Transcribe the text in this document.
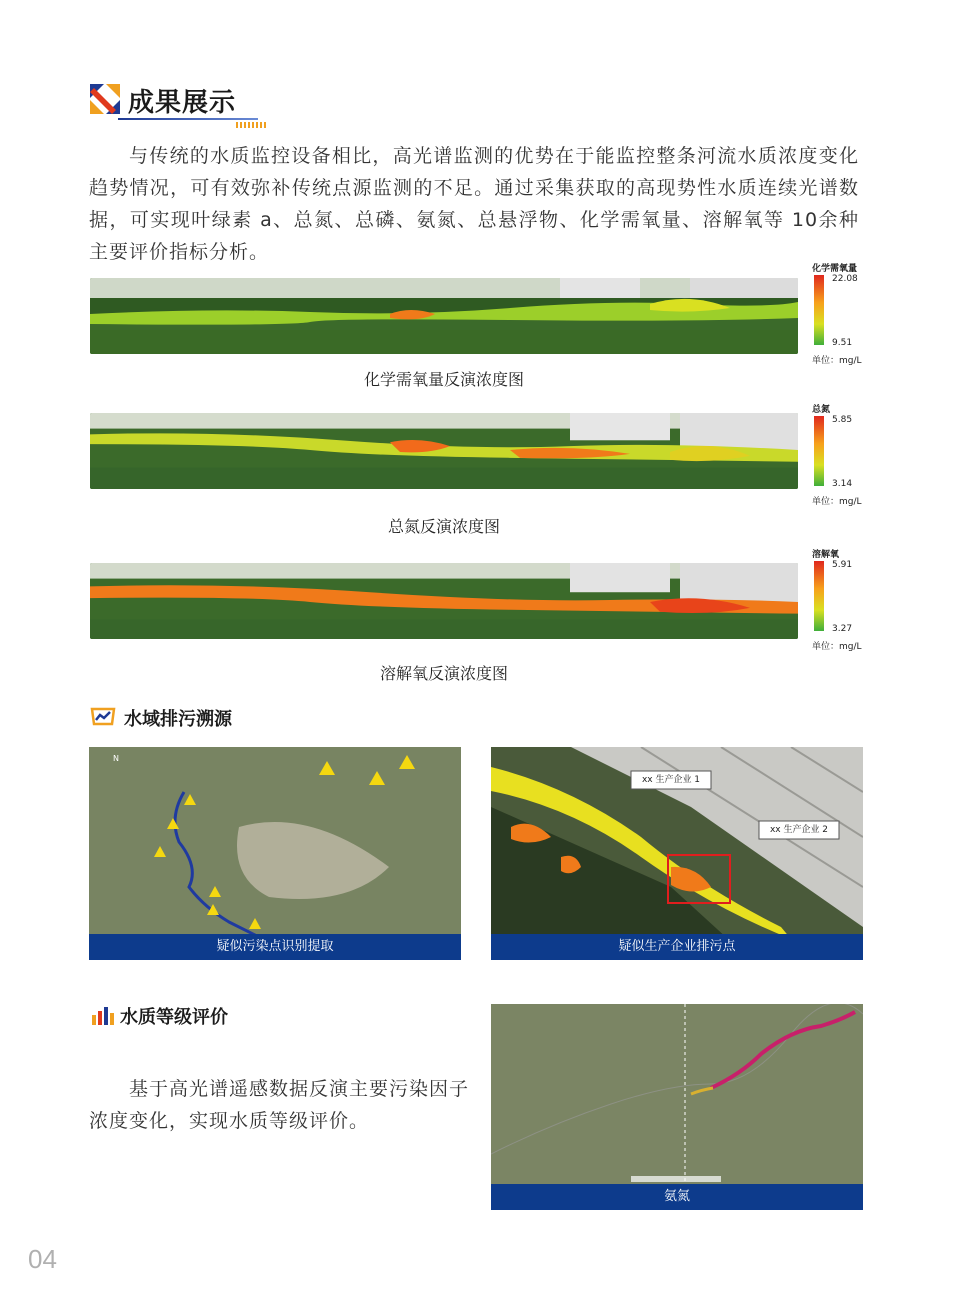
成果展示

与传统的水质监控设备相比，高光谱监测的优势在于能监控整条河流水质浓度变化趋势情况，可有效弥补传统点源监测的不足。通过采集获取的高现势性水质连续光谱数据，可实现叶绿素 a、总氮、总磷、氨氮、总悬浮物、化学需氧量、溶解氧等 10余种主要评价指标分析。

化学需氧量反演浓度图
化学需氧量
22.08
9.51
单位：mg/L
总氮反演浓度图
总氮
5.85
3.14
单位：mg/L
溶解氧反演浓度图
溶解氧
5.91
3.27
单位：mg/L
水域排污溯源
N
疑似污染点识别提取
xx 生产企业 1
xx 生产企业 2
疑似生产企业排污点
水质等级评价

基于高光谱遥感数据反演主要污染因子浓度变化，实现水质等级评价。

氨氮
04
